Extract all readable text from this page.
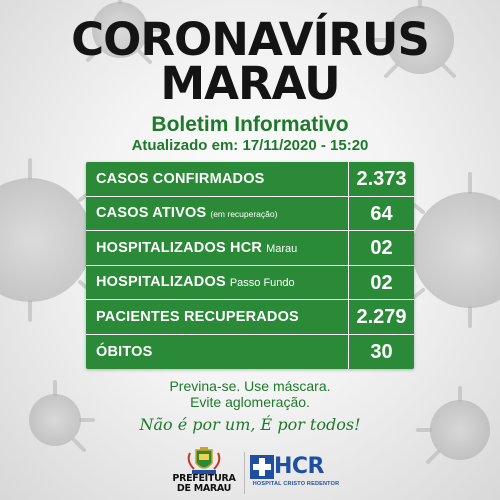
CORONAVÍRUS
MARAU
Boletim Informativo
Atualizado em: 17/11/2020 - 15:20
CASOS CONFIRMADOS	2.373
CASOS ATIVOS (em recuperação)	64
HOSPITALIZADOS HCR Marau	02
HOSPITALIZADOS Passo Fundo	02
PACIENTES RECUPERADOS	2.279
ÓBITOS	30
Previna-se. Use máscara.
Evite aglomeração.
Não é por um, É por todos!
PREFEITURA
DE MARAU
HCR
HOSPITAL CRISTO REDENTOR
